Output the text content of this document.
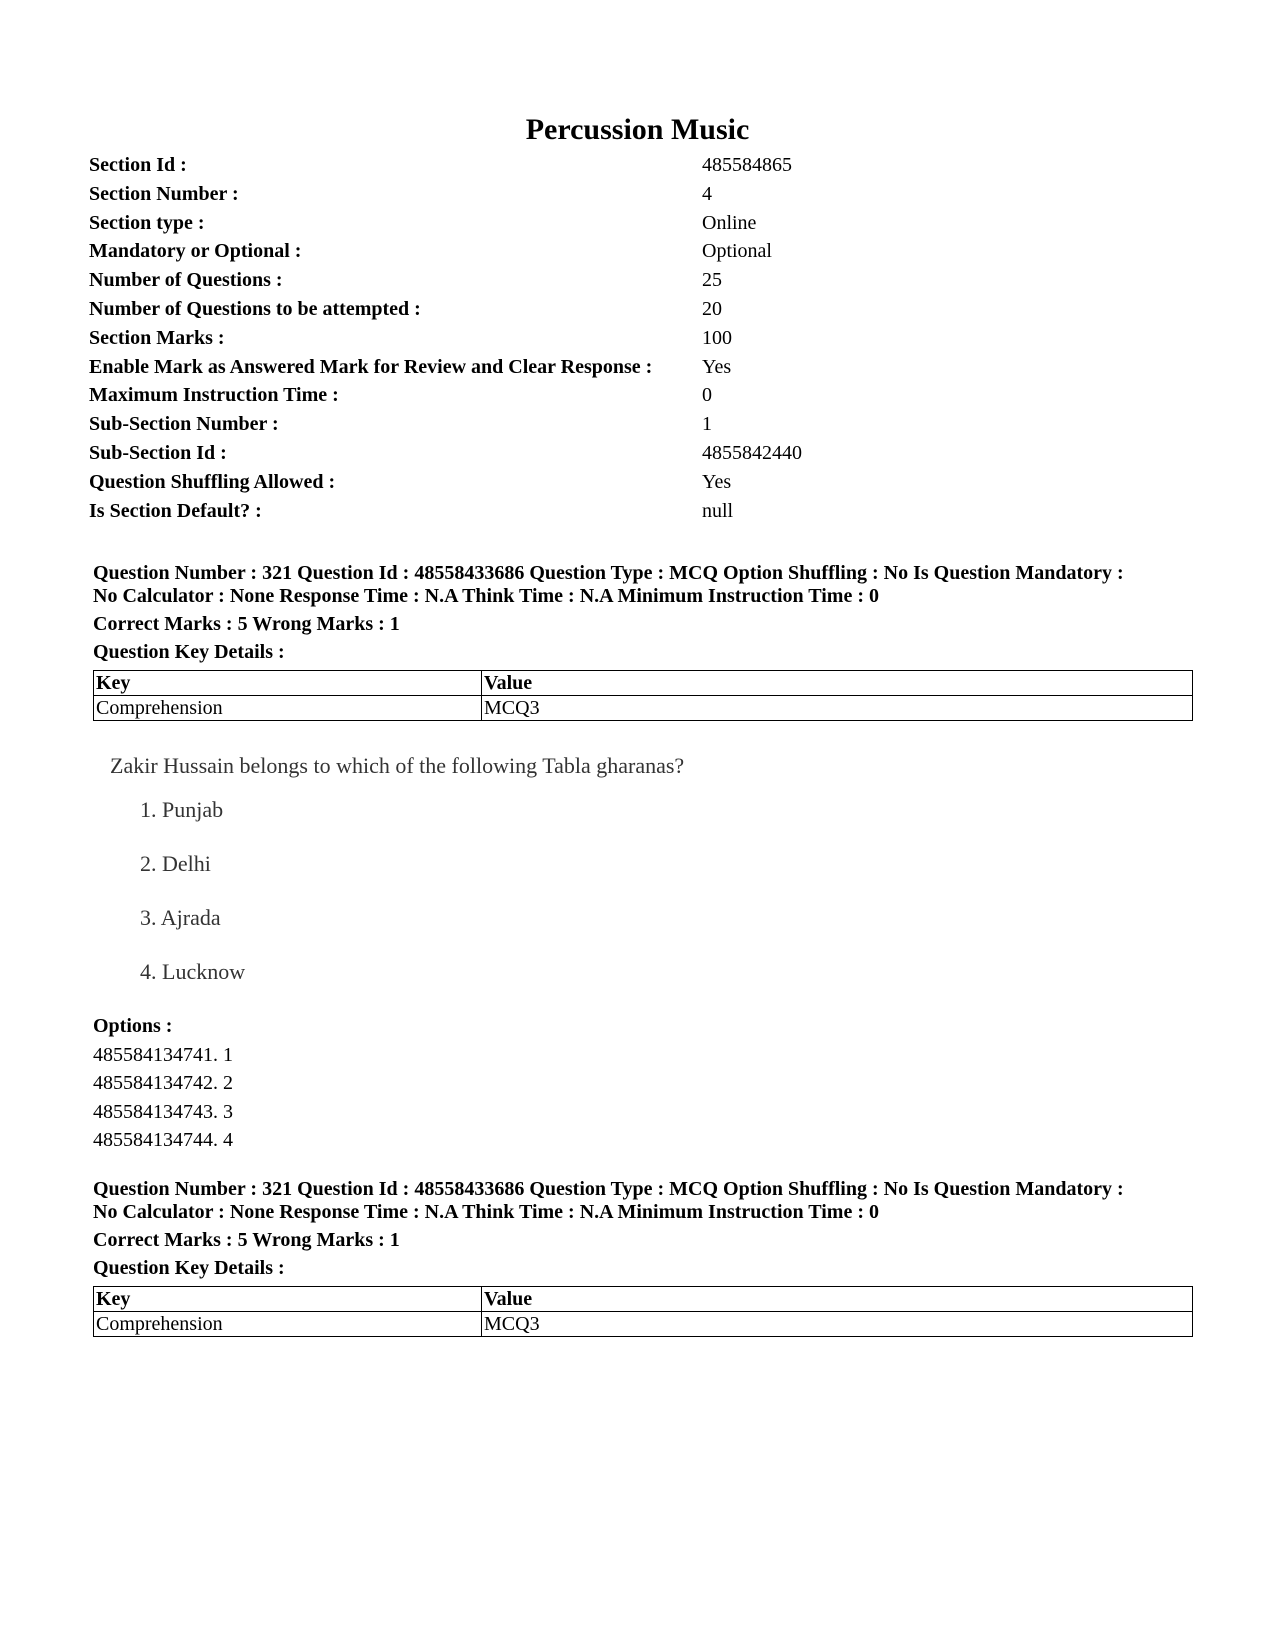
Percussion Music
Section Id :	485584865
Section Number :	4
Section type :	Online
Mandatory or Optional :	Optional
Number of Questions :	25
Number of Questions to be attempted :	20
Section Marks :	100
Enable Mark as Answered Mark for Review and Clear Response : Yes
Maximum Instruction Time :	0
Sub-Section Number :	1
Sub-Section Id :	4855842440
Question Shuffling Allowed :	Yes
Is Section Default? :	null
Question Number : 321 Question Id : 48558433686 Question Type : MCQ Option Shuffling : No Is Question Mandatory :
No Calculator : None Response Time : N.A Think Time : N.A Minimum Instruction Time : 0
Correct Marks : 5 Wrong Marks : 1
Question Key Details :
Key	Value
Comprehension	MCQ3

Zakir Hussain belongs to which of the following Tabla gharanas?

1. Punjab

2. Delhi

3. Ajrada

4. Lucknow

Options :
485584134741. 1
485584134742. 2
485584134743. 3
485584134744. 4
Question Number : 321 Question Id : 48558433686 Question Type : MCQ Option Shuffling : No Is Question Mandatory :
No Calculator : None Response Time : N.A Think Time : N.A Minimum Instruction Time : 0
Correct Marks : 5 Wrong Marks : 1
Question Key Details :
Key	Value
Comprehension	MCQ3
